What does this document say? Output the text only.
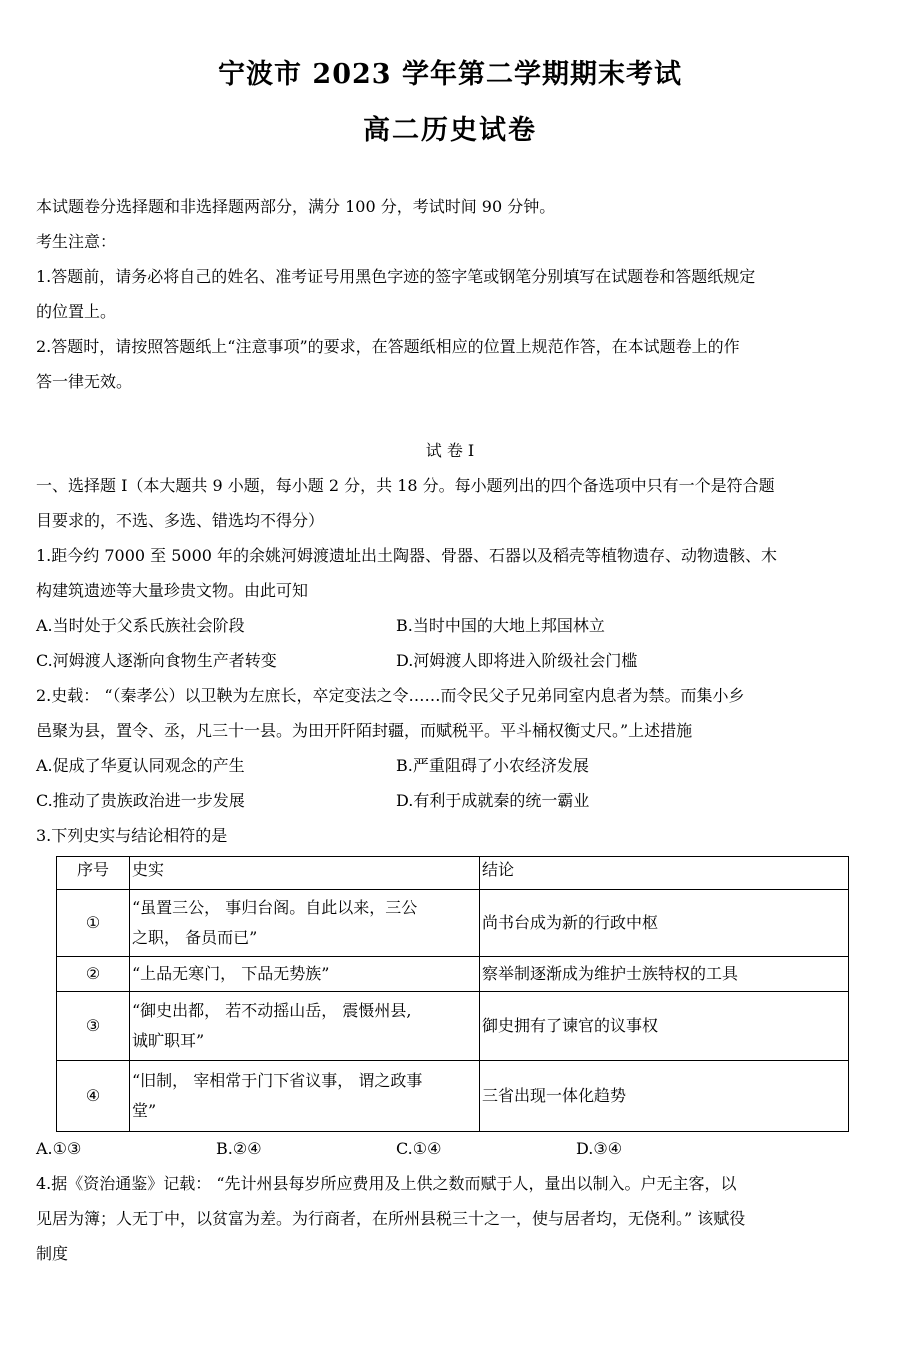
宁波市 2023 学年第二学期期末考试
高二历史试卷
本试题卷分选择题和非选择题两部分，满分 100 分，考试时间 90 分钟。
考生注意：
1.答题前，请务必将自己的姓名、准考证号用黑色字迹的签字笔或钢笔分别填写在试题卷和答题纸规定
的位置上。
2.答题时，请按照答题纸上“注意事项”的要求，在答题纸相应的位置上规范作答，在本试题卷上的作
答一律无效。
试 卷 I
一、选择题 I（本大题共 9 小题，每小题 2 分，共 18 分。每小题列出的四个备选项中只有一个是符合题
目要求的，不选、多选、错选均不得分）
1.距今约 7000 至 5000 年的余姚河姆渡遗址出土陶器、骨器、石器以及稻壳等植物遗存、动物遗骸、木
构建筑遗迹等大量珍贵文物。由此可知
A.当时处于父系氏族社会阶段	B.当时中国的大地上邦国林立
C.河姆渡人逐渐向食物生产者转变	D.河姆渡人即将进入阶级社会门槛
2.史载： “（秦孝公）以卫鞅为左庶长，卒定变法之令……而令民父子兄弟同室内息者为禁。而集小乡
邑聚为县，置令、丞，凡三十一县。为田开阡陌封疆，而赋税平。平斗桶权衡丈尺。”上述措施
A.促成了华夏认同观念的产生	B.严重阻碍了小农经济发展
C.推动了贵族政治进一步发展	D.有利于成就秦的统一霸业
3.下列史实与结论相符的是
序号	史实	结论
①	“虽置三公， 事归台阁。自此以来，三公
之职， 备员而已”	尚书台成为新的行政中枢
②	“上品无寒门， 下品无势族”	察举制逐渐成为维护士族特权的工具
③	“御史出都， 若不动摇山岳， 震慑州县,
诚旷职耳”	御史拥有了谏官的议事权
④	“旧制， 宰相常于门下省议事， 谓之政事
堂”	三省出现一体化趋势
A.①③	B.②④	C.①④	D.③④
4.据《资治通鉴》记载： “先计州县每岁所应费用及上供之数而赋于人，量出以制入。户无主客，以
见居为簿；人无丁中，以贫富为差。为行商者，在所州县税三十之一，使与居者均，无侥利。” 该赋役
制度
